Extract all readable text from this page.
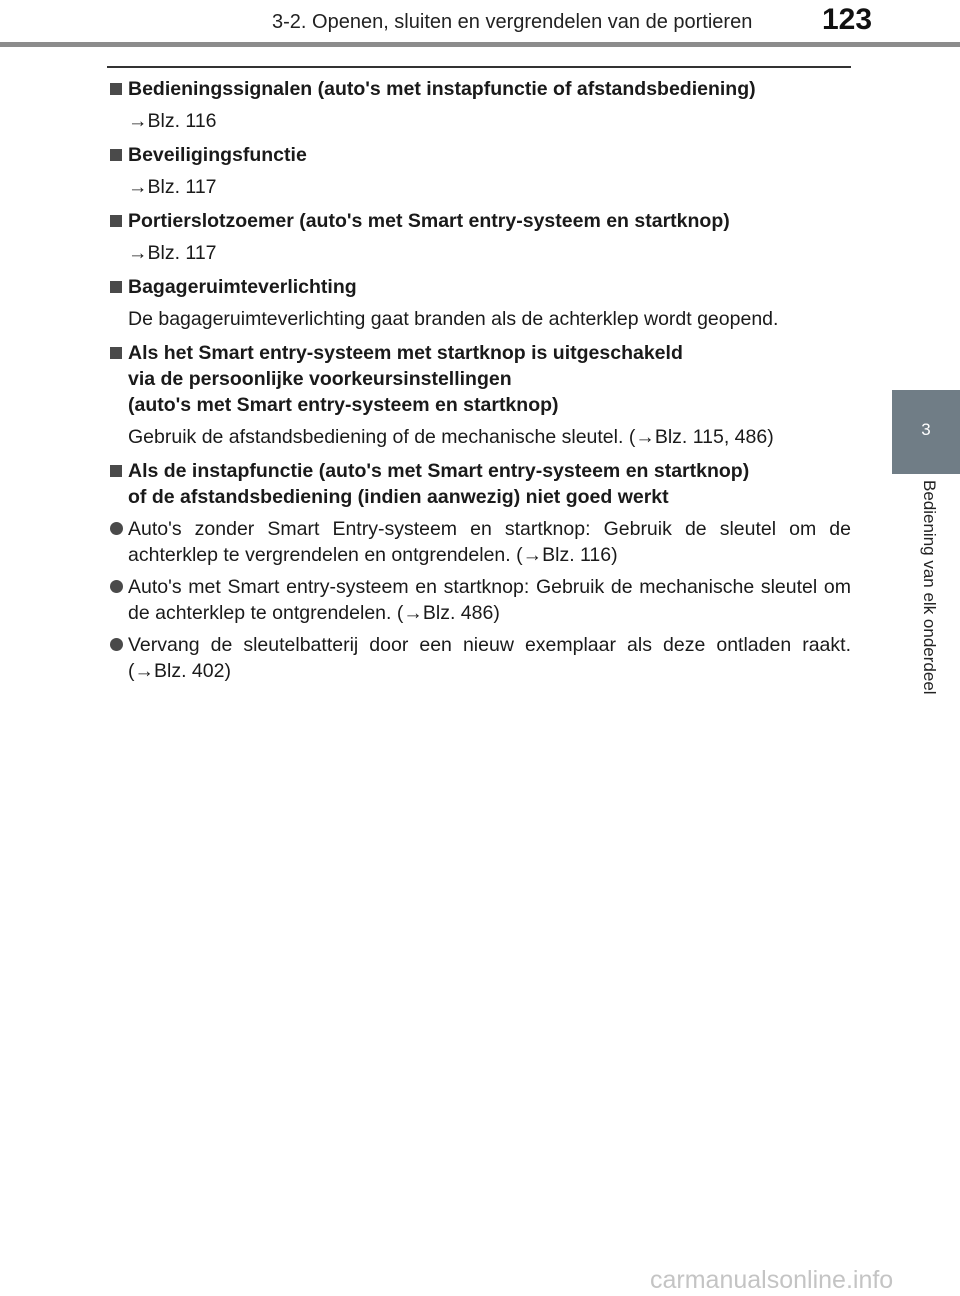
3-2. Openen, sluiten en vergrendelen van de portieren 123
3
Bediening van elk onderdeel
Bedieningssignalen (auto's met instapfunctie of afstandsbediening)
→Blz. 116
Beveiligingsfunctie
→Blz. 117
Portierslotzoemer (auto's met Smart entry-systeem en startknop)
→Blz. 117
Bagageruimteverlichting
De bagageruimteverlichting gaat branden als de achterklep wordt geopend.
Als het Smart entry-systeem met startknop is uitgeschakeld
via de persoonlijke voorkeursinstellingen
(auto's met Smart entry-systeem en startknop)
Gebruik de afstandsbediening of de mechanische sleutel. (→Blz. 115, 486)
Als de instapfunctie (auto's met Smart entry-systeem en startknop)
of de afstandsbediening (indien aanwezig) niet goed werkt
Auto's zonder Smart Entry-systeem en startknop: Gebruik de sleutel om de achterklep te vergrendelen en ontgrendelen. (→Blz. 116)
Auto's met Smart entry-systeem en startknop: Gebruik de mechanische sleutel om de achterklep te ontgrendelen. (→Blz. 486)
Vervang de sleutelbatterij door een nieuw exemplaar als deze ontladen raakt. (→Blz. 402)
carmanualsonline.info
